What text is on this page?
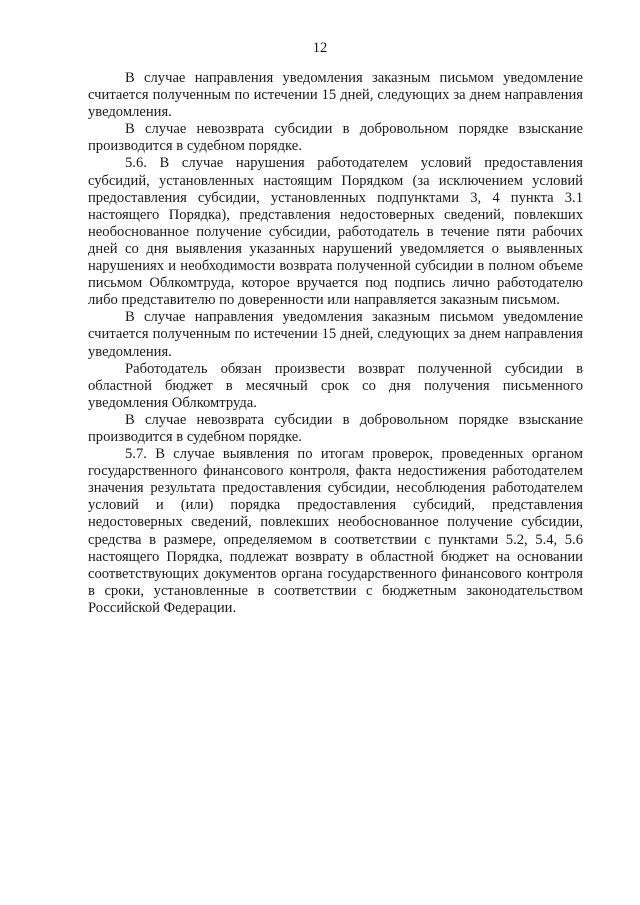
12

В случае направления уведомления заказным письмом уведомление считается полученным по истечении 15 дней, следующих за днем направления уведомления.

В случае невозврата субсидии в добровольном порядке взыскание производится в судебном порядке.

5.6. В случае нарушения работодателем условий предоставления субсидий, установленных настоящим Порядком (за исключением условий предоставления субсидии, установленных подпунктами 3, 4 пункта 3.1 настоящего Порядка), представления недостоверных сведений, повлекших необоснованное получение субсидии, работодатель в течение пяти рабочих дней со дня выявления указанных нарушений уведомляется о выявленных нарушениях и необходимости возврата полученной субсидии в полном объеме письмом Облкомтруда, которое вручается под подпись лично работодателю либо представителю по доверенности или направляется заказным письмом.

В случае направления уведомления заказным письмом уведомление считается полученным по истечении 15 дней, следующих за днем направления уведомления.

Работодатель обязан произвести возврат полученной субсидии в областной бюджет в месячный срок со дня получения письменного уведомления Облкомтруда.

В случае невозврата субсидии в добровольном порядке взыскание производится в судебном порядке.

5.7. В случае выявления по итогам проверок, проведенных органом государственного финансового контроля, факта недостижения работодателем значения результата предоставления субсидии, несоблюдения работодателем условий и (или) порядка предоставления субсидий, представления недостоверных сведений, повлекших необоснованное получение субсидии, средства в размере, определяемом в соответствии с пунктами 5.2, 5.4, 5.6 настоящего Порядка, подлежат возврату в областной бюджет на основании соответствующих документов органа государственного финансового контроля в сроки, установленные в соответствии с бюджетным законодательством Российской Федерации.
